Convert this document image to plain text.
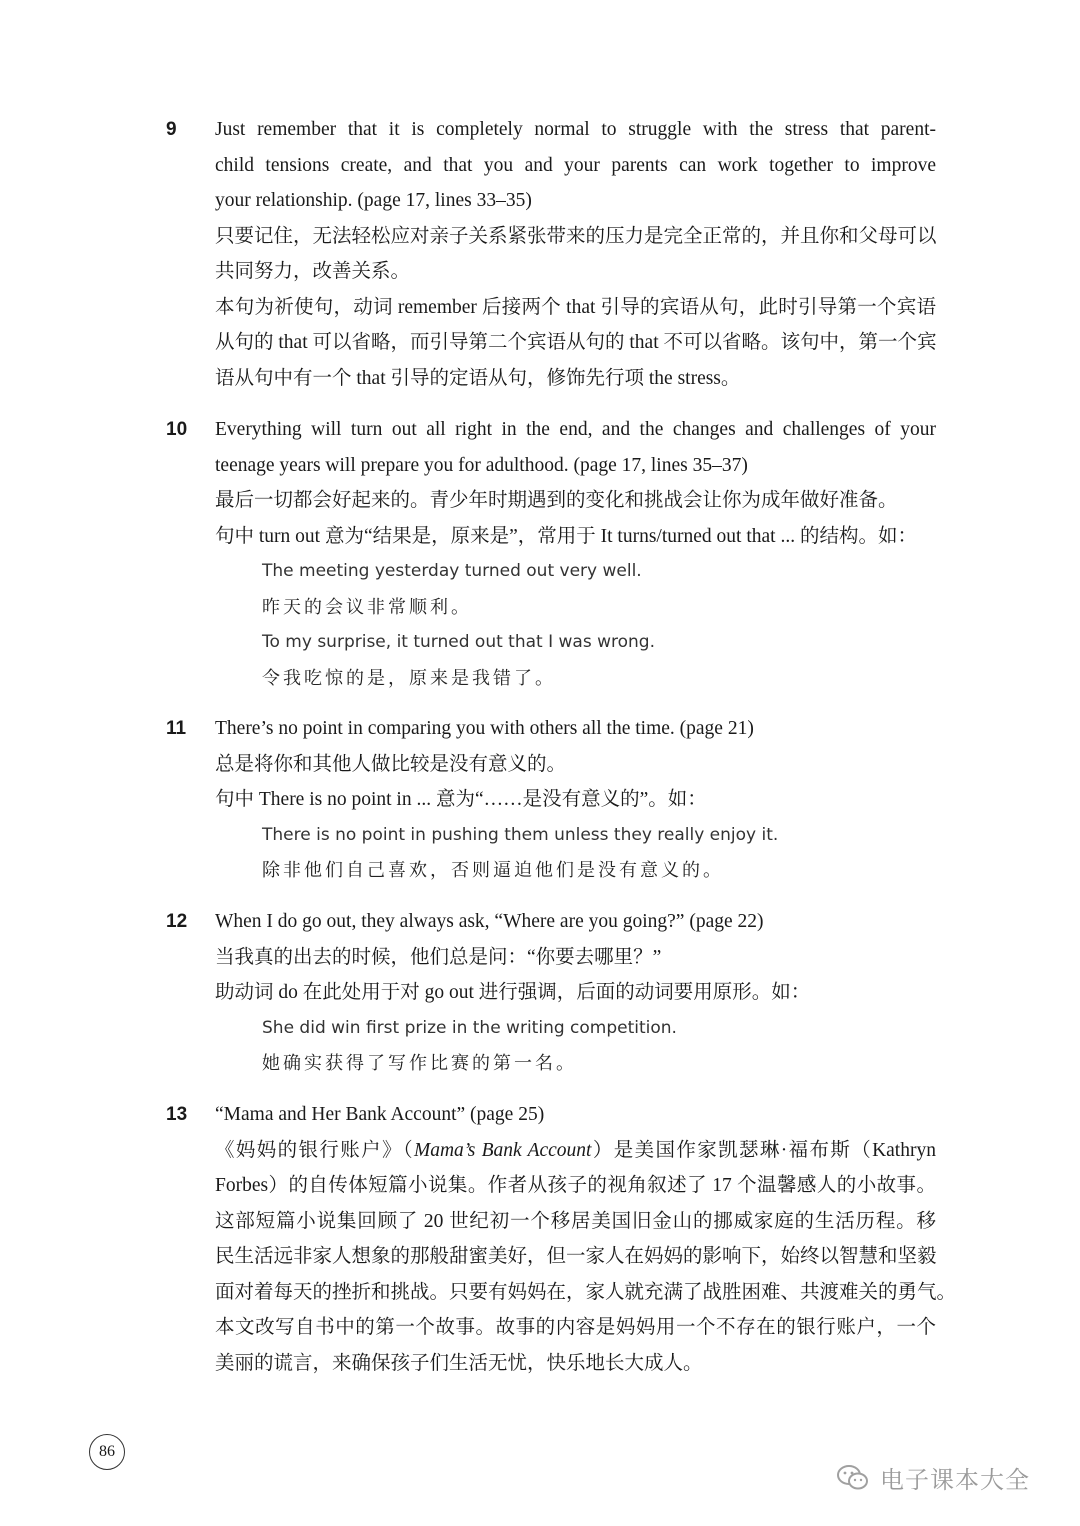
9 Just remember that it is completely normal to struggle with the stress that parent-
child tensions create, and that you and your parents can work together to improve
your relationship. (page 17, lines 33–35)
只要记住，无法轻松应对亲子关系紧张带来的压力是完全正常的，并且你和父母可以
共同努力，改善关系。
本句为祈使句，动词 remember 后接两个 that 引导的宾语从句，此时引导第一个宾语
从句的 that 可以省略，而引导第二个宾语从句的 that 不可以省略。该句中，第一个宾
语从句中有一个 that 引导的定语从句，修饰先行项 the stress。
10 Everything will turn out all right in the end, and the changes and challenges of your
teenage years will prepare you for adulthood. (page 17, lines 35–37)
最后一切都会好起来的。青少年时期遇到的变化和挑战会让你为成年做好准备。
句中 turn out 意为“结果是，原来是”，常用于 It turns/turned out that ... 的结构。如：
The meeting yesterday turned out very well.
昨天的会议非常顺利。
To my surprise, it turned out that I was wrong.
令我吃惊的是，原来是我错了。
11 There’s no point in comparing you with others all the time. (page 21)
总是将你和其他人做比较是没有意义的。
句中 There is no point in ... 意为“……是没有意义的”。如：
There is no point in pushing them unless they really enjoy it.
除非他们自己喜欢，否则逼迫他们是没有意义的。
12 When I do go out, they always ask, “Where are you going?” (page 22)
当我真的出去的时候，他们总是问：“你要去哪里？”
助动词 do 在此处用于对 go out 进行强调，后面的动词要用原形。如：
She did win first prize in the writing competition.
她确实获得了写作比赛的第一名。
13 “Mama and Her Bank Account” (page 25)
《妈妈的银行账户》（Mama’s Bank Account）是美国作家凯瑟琳·福布斯（Kathryn
Forbes）的自传体短篇小说集。作者从孩子的视角叙述了 17 个温馨感人的小故事。
这部短篇小说集回顾了 20 世纪初一个移居美国旧金山的挪威家庭的生活历程。移
民生活远非家人想象的那般甜蜜美好，但一家人在妈妈的影响下，始终以智慧和坚毅
面对着每天的挫折和挑战。只要有妈妈在，家人就充满了战胜困难、共渡难关的勇气。
本文改写自书中的第一个故事。故事的内容是妈妈用一个不存在的银行账户，一个
美丽的谎言，来确保孩子们生活无忧，快乐地长大成人。
86
电子课本大全
